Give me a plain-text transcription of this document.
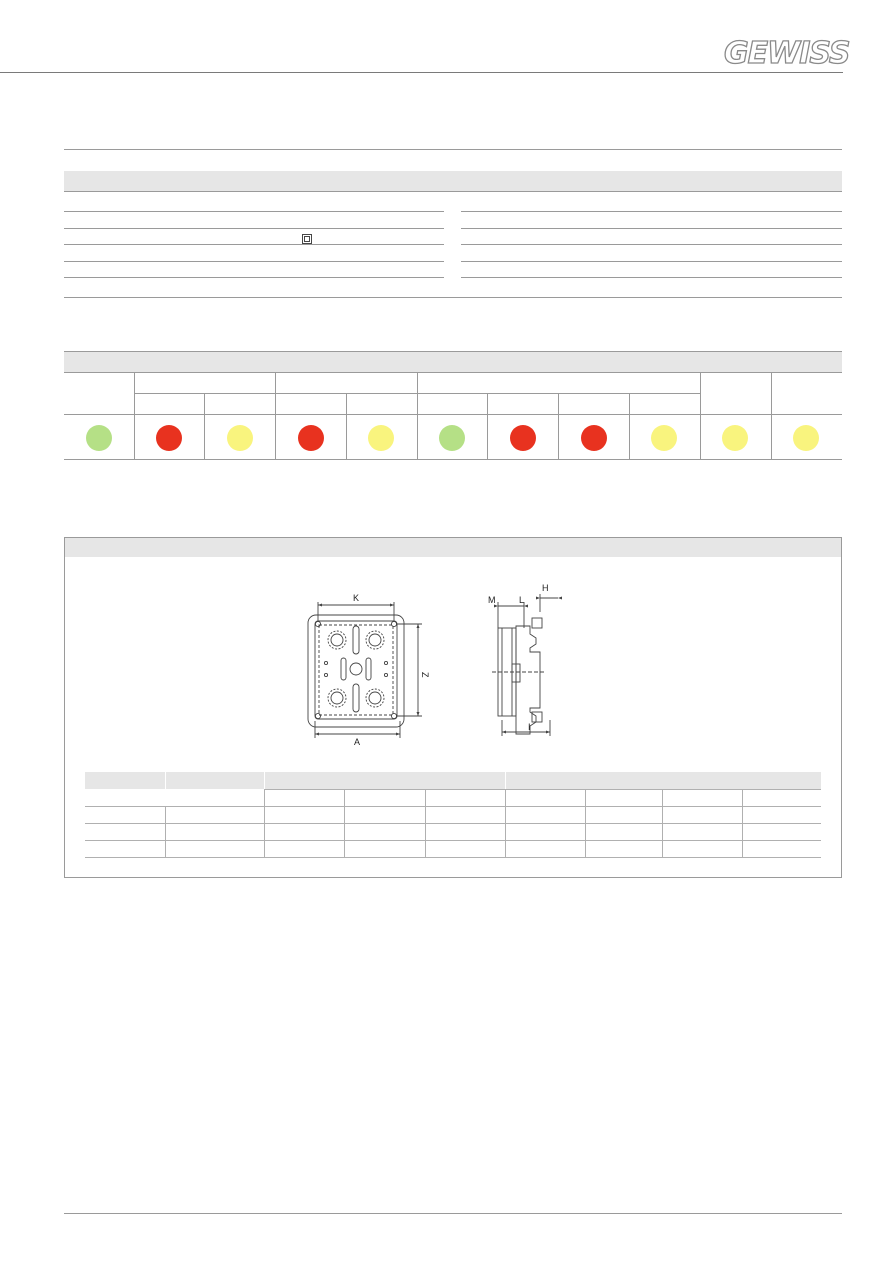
GEWISS
K
Z
A
M	L
H
I
